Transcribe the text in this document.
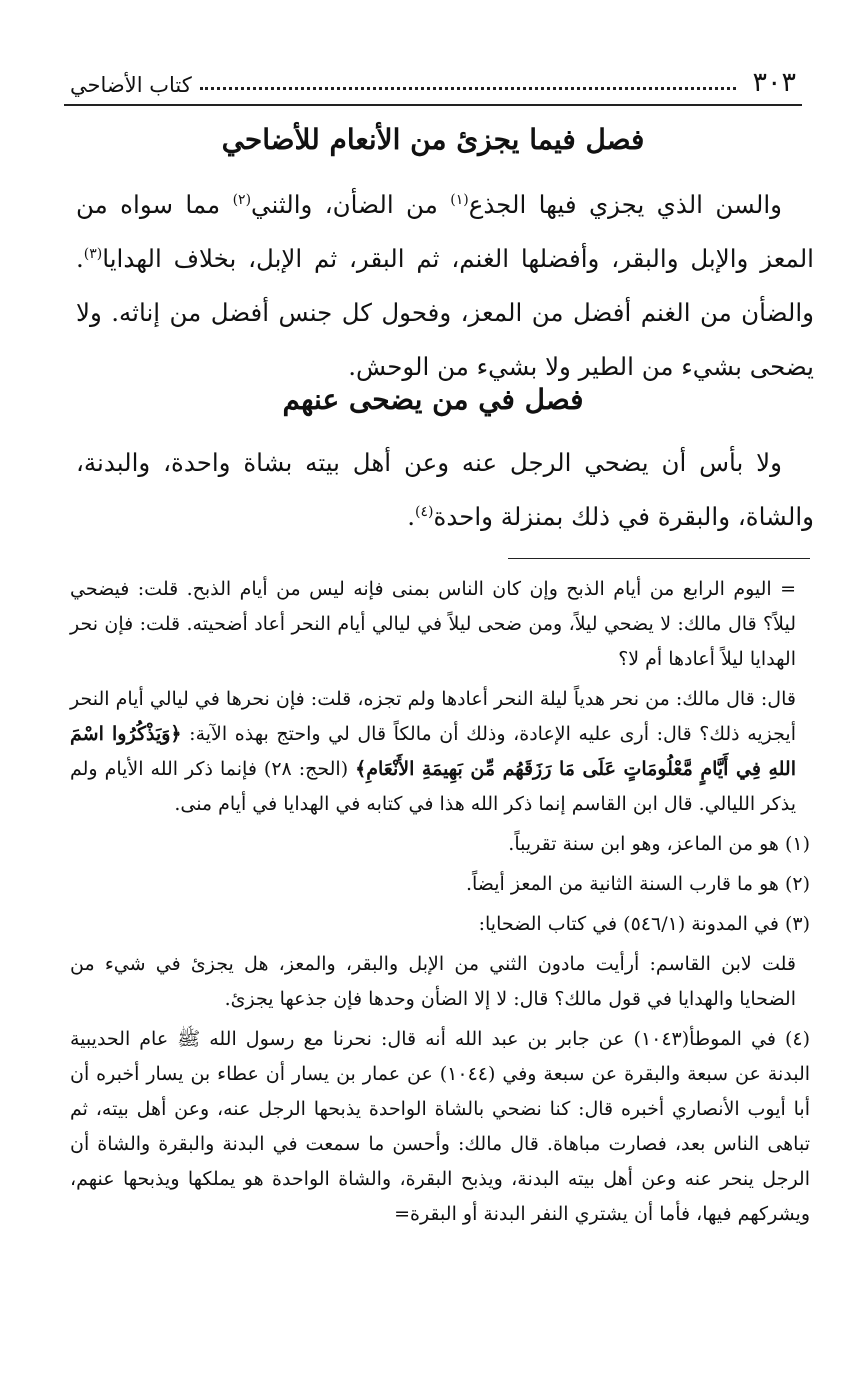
٣٠٣
كتاب الأضاحي
فصل فيما يجزئ من الأنعام للأضاحي

والسن الذي يجزي فيها الجذع$^{(١)}$ من الضأن، والثني$^{(٢)}$ مما سواه من المعز والإبل والبقر، وأفضلها الغنم، ثم البقر، ثم الإبل، بخلاف الهدايا$^{(٣)}$. والضأن من الغنم أفضل من المعز، وفحول كل جنس أفضل من إناثه. ولا يضحى بشيء من الطير ولا بشيء من الوحش.

فصل في من يضحى عنهم

ولا بأس أن يضحي الرجل عنه وعن أهل بيته بشاة واحدة، والبدنة، والشاة، والبقرة في ذلك بمنزلة واحدة$^{(٤)}$.

= اليوم الرابع من أيام الذبح وإن كان الناس بمنى فإنه ليس من أيام الذبح. قلت: فيضحي ليلاً؟ قال مالك: لا يضحي ليلاً، ومن ضحى ليلاً في ليالي أيام النحر أعاد أضحيته. قلت: فإن نحر الهدايا ليلاً أعادها أم لا؟

قال: قال مالك: من نحر هدياً ليلة النحر أعادها ولم تجزه، قلت: فإن نحرها في ليالي أيام النحر أيجزيه ذلك؟ قال: أرى عليه الإعادة، وذلك أن مالكاً قال لي واحتج بهذه الآية: ﴿وَيَذْكُرُوا اسْمَ اللهِ فِي أَيَّامٍ مَّعْلُومَاتٍ عَلَى مَا رَزَقَهُم مِّن بَهِيمَةِ الأَنْعَامِ﴾ (الحج: ٢٨) فإنما ذكر الله الأيام ولم يذكر الليالي. قال ابن القاسم إنما ذكر الله هذا في كتابه في الهدايا في أيام منى.

(١) هو من الماعز، وهو ابن سنة تقريباً.

(٢) هو ما قارب السنة الثانية من المعز أيضاً.

(٣) في المدونة (٥٤٦/١) في كتاب الضحايا:

قلت لابن القاسم: أرأيت مادون الثني من الإبل والبقر، والمعز، هل يجزئ في شيء من الضحايا والهدايا في قول مالك؟ قال: لا إلا الضأن وحدها فإن جذعها يجزئ.

(٤) في الموطأ(١٠٤٣) عن جابر بن عبد الله أنه قال: نحرنا مع رسول الله ﷺ عام الحديبية البدنة عن سبعة والبقرة عن سبعة وفي (١٠٤٤) عن عمار بن يسار أن عطاء بن يسار أخبره أن أبا أيوب الأنصاري أخبره قال: كنا نضحي بالشاة الواحدة يذبحها الرجل عنه، وعن أهل بيته، ثم تباهى الناس بعد، فصارت مباهاة. قال مالك: وأحسن ما سمعت في البدنة والبقرة والشاة أن الرجل ينحر عنه وعن أهل بيته البدنة، ويذبح البقرة، والشاة الواحدة هو يملكها ويذبحها عنهم، ويشركهم فيها، فأما أن يشتري النفر البدنة أو البقرة=
